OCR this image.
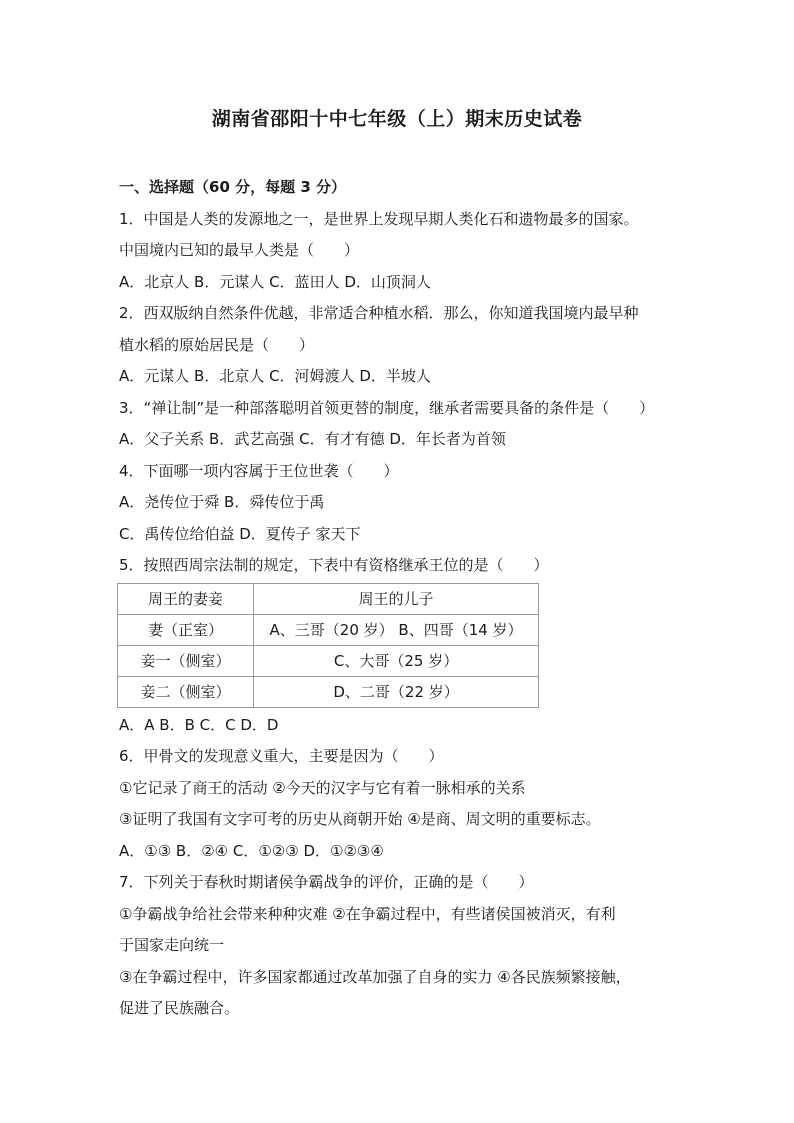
湖南省邵阳十中七年级（上）期末历史试卷
一、选择题（60 分，每题 3 分）
1．中国是人类的发源地之一，是世界上发现早期人类化石和遗物最多的国家。
中国境内已知的最早人类是（　　）
A．北京人 B．元谋人 C．蓝田人 D．山顶洞人
2．西双版纳自然条件优越，非常适合种植水稻．那么，你知道我国境内最早种
植水稻的原始居民是（　　）
A．元谋人 B．北京人 C．河姆渡人 D．半坡人
3．“禅让制”是一种部落聪明首领更替的制度，继承者需要具备的条件是（　　）
A．父子关系 B．武艺高强 C．有才有德 D．年长者为首领
4．下面哪一项内容属于王位世袭（　　）
A．尧传位于舜 B．舜传位于禹
C．禹传位给伯益 D．夏传子 家天下
5．按照西周宗法制的规定，下表中有资格继承王位的是（　　）
周王的妻妾	周王的儿子
妻（正室）	A、三哥（20 岁） B、四哥（14 岁）
妾一（侧室）	C、大哥（25 岁）
妾二（侧室）	D、二哥（22 岁）
A．A B．B C．C D．D
6．甲骨文的发现意义重大，主要是因为（　　）
①它记录了商王的活动 ②今天的汉字与它有着一脉相承的关系
③证明了我国有文字可考的历史从商朝开始 ④是商、周文明的重要标志。
A．①③ B．②④ C．①②③ D．①②③④
7．下列关于春秋时期诸侯争霸战争的评价，正确的是（　　）
①争霸战争给社会带来种种灾难 ②在争霸过程中，有些诸侯国被消灭，有利
于国家走向统一
③在争霸过程中，许多国家都通过改革加强了自身的实力 ④各民族频繁接触，
促进了民族融合。
